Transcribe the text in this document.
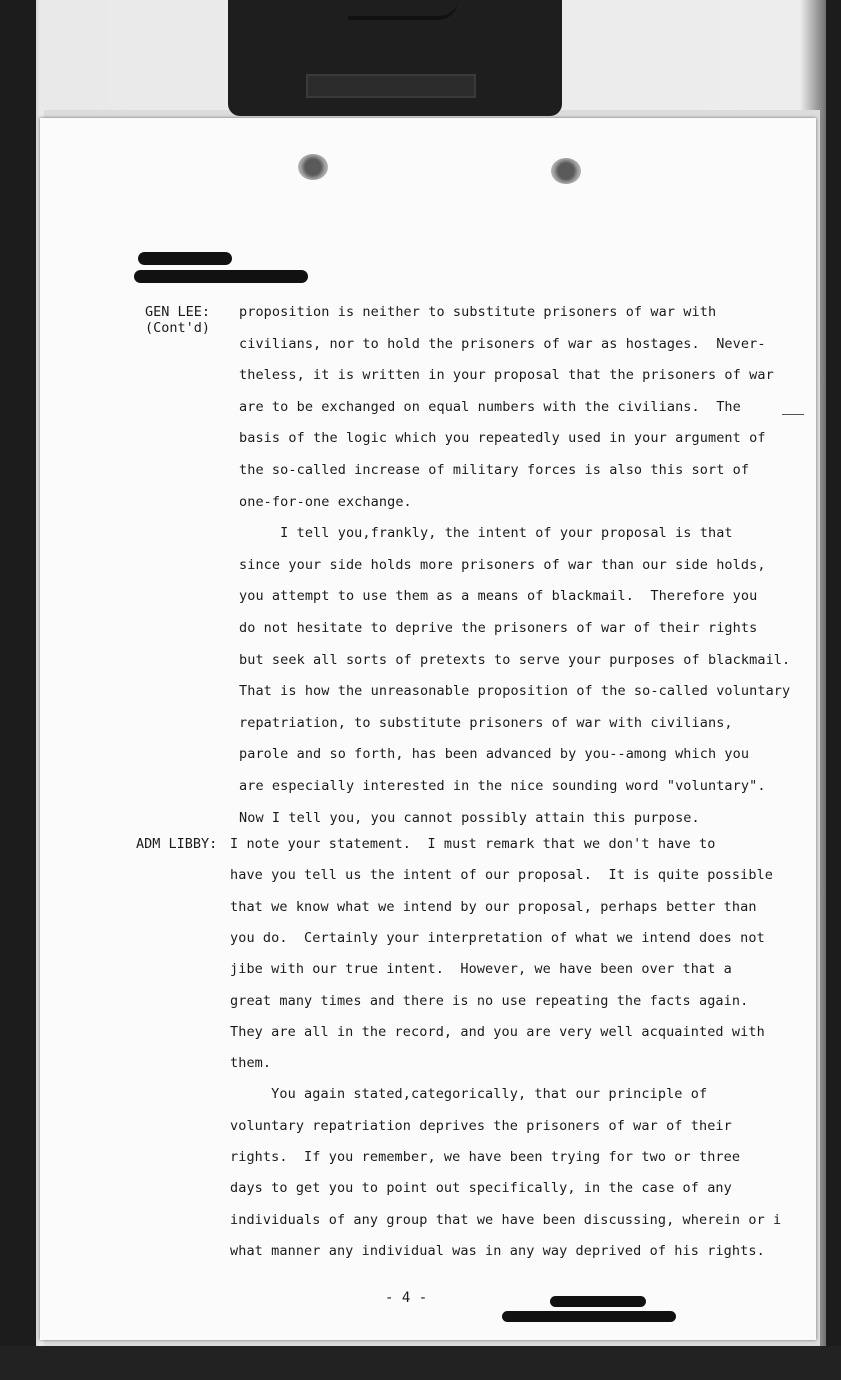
GEN LEE:
(Cont'd)
proposition is neither to substitute prisoners of war with
civilians, nor to hold the prisoners of war as hostages.  Never-
theless, it is written in your proposal that the prisoners of war
are to be exchanged on equal numbers with the civilians.  The
basis of the logic which you repeatedly used in your argument of
the so-called increase of military forces is also this sort of
one-for-one exchange.
I tell you,frankly, the intent of your proposal is that
since your side holds more prisoners of war than our side holds,
you attempt to use them as a means of blackmail.  Therefore you
do not hesitate to deprive the prisoners of war of their rights
but seek all sorts of pretexts to serve your purposes of blackmail.
That is how the unreasonable proposition of the so-called voluntary
repatriation, to substitute prisoners of war with civilians,
parole and so forth, has been advanced by you--among which you
are especially interested in the nice sounding word "voluntary".
Now I tell you, you cannot possibly attain this purpose.
ADM LIBBY: I note your statement.  I must remark that we don't have to
have you tell us the intent of our proposal.  It is quite possible
that we know what we intend by our proposal, perhaps better than
you do.  Certainly your interpretation of what we intend does not
jibe with our true intent.  However, we have been over that a
great many times and there is no use repeating the facts again.
They are all in the record, and you are very well acquainted with
them.
You again stated,categorically, that our principle of
voluntary repatriation deprives the prisoners of war of their
rights.  If you remember, we have been trying for two or three
days to get you to point out specifically, in the case of any
individuals of any group that we have been discussing, wherein or i
what manner any individual was in any way deprived of his rights.
- 4 -
